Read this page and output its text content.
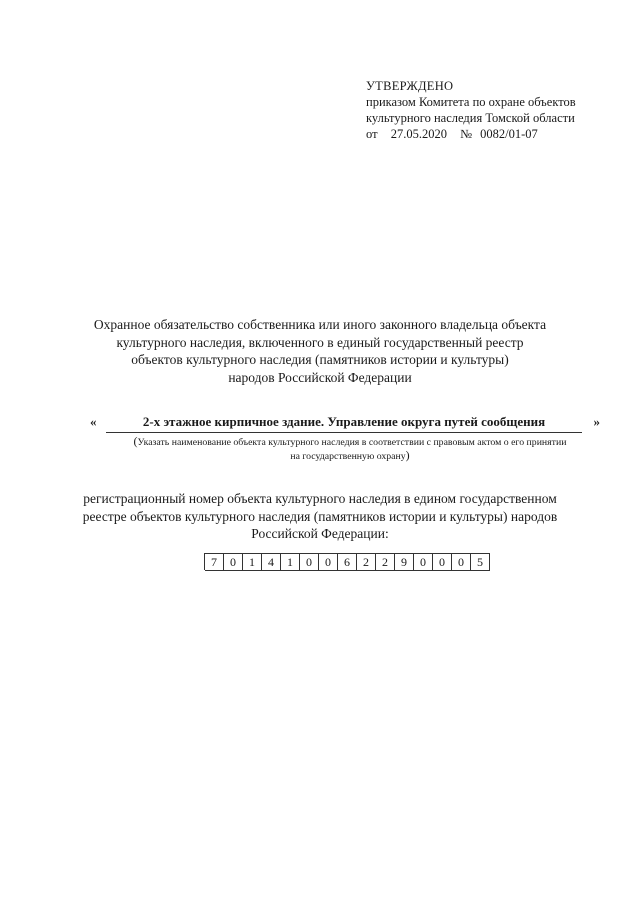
УТВЕРЖДЕНО
приказом Комитета по охране объектов
культурного наследия Томской области
от 27.05.2020 № 0082/01-07
Охранное обязательство собственника или иного законного владельца объекта
культурного наследия, включенного в единый государственный реестр
объектов культурного наследия (памятников истории и культуры)
народов Российской Федерации
«	2-х этажное кирпичное здание. Управление округа путей сообщения	»
(Указать наименование объекта культурного наследия в соответствии с правовым актом о его принятии
на государственную охрану)
регистрационный номер объекта культурного наследия в едином государственном
реестре объектов культурного наследия (памятников истории и культуры) народов
Российской Федерации:
7	0	1	4	1	0	0	6	2	2	9	0	0	0	5
